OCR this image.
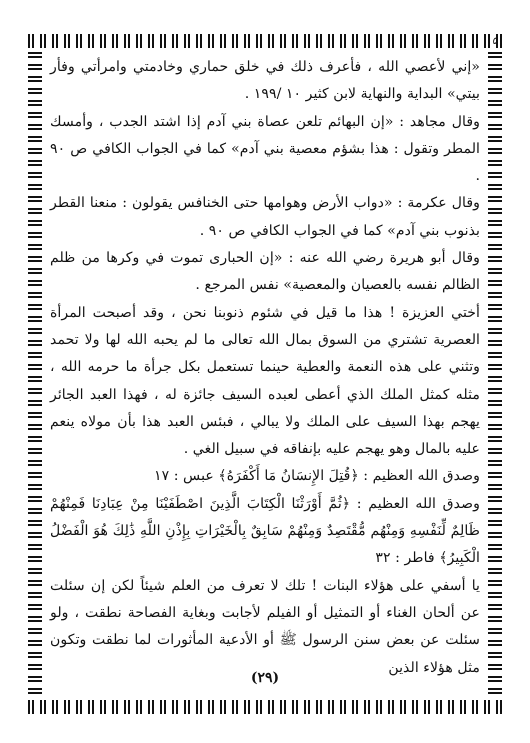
۵

«إني لأعصي الله ، فأعرف ذلك في خلق حماري وخادمتي وامرأتي وفأر بيتي» البداية والنهاية لابن كثير ١٠ /١٩٩ .

وقال مجاهد : «إن البهائم تلعن عصاة بني آدم إذا اشتد الجدب ، وأمسك المطر وتقول : هذا بشؤم معصية بني آدم» كما في الجواب الكافي ص ٩٠ .

وقال عكرمة : «دواب الأرض وهوامها حتى الخنافس يقولون : منعنا القطر بذنوب بني آدم» كما في الجواب الكافي ص ٩٠ .

وقال أبو هريرة رضي الله عنه : «إن الحبارى تموت في وكرها من ظلم الظالم نفسه بالعصيان والمعصية» نفس المرجع .

أختي العزيزة ! هذا ما قيل في شئوم ذنوبنا نحن ، وقد أصبحت المرأة العصرية تشتري من السوق بمال الله تعالى ما لم يحبه الله لها ولا تحمد وتثني على هذه النعمة والعطية حينما تستعمل بكل جرأة ما حرمه الله ، مثله كمثل الملك الذي أعطى لعبده السيف جائزة له ، فهذا العبد الجائر يهجم بهذا السيف على الملك ولا يبالي ، فبئس العبد هذا بأن مولاه ينعم عليه بالمال وهو يهجم عليه بإنفاقه في سبيل الغي .

وصدق الله العظيم : ﴿قُتِلَ الإِنسَانُ مَا أَكْفَرَهُ﴾ عبس : ١٧

وصدق الله العظيم : ﴿ثُمَّ أَوْرَثْنَا الْكِتَابَ الَّذِينَ اصْطَفَيْنَا مِنْ عِبَادِنَا فَمِنْهُمْ ظَالِمٌ لِّنَفْسِهِ وَمِنْهُم مُّقْتَصِدٌ وَمِنْهُمْ سَابِقٌ بِالْخَيْرَاتِ بِإِذْنِ اللَّهِ ذَٰلِكَ هُوَ الْفَضْلُ الْكَبِيرُ﴾ فاطر : ٣٢

يا أسفي على هؤلاء البنات ! تلك لا تعرف من العلم شيئاً لكن إن سئلت عن ألحان الغناء أو التمثيل أو الفيلم لأجابت وبغاية الفصاحة نطقت ، ولو سئلت عن بعض سنن الرسول ﷺ أو الأدعية المأثورات لما نطقت وتكون مثل هؤلاء الذين

(٢٩)
